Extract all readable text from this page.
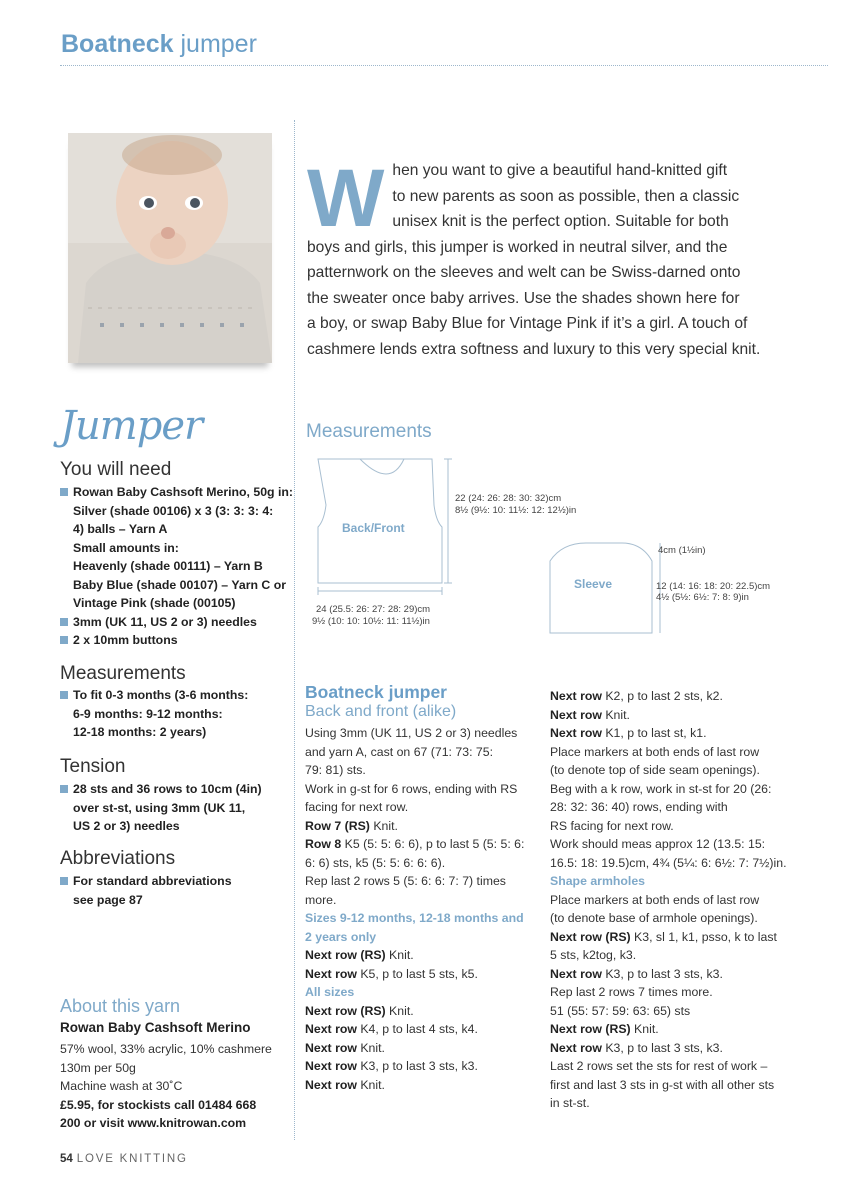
Boatneck jumper
W hen you want to give a beautiful hand-knitted gift
to new parents as soon as possible, then a classic
unisex knit is the perfect option. Suitable for both
boys and girls, this jumper is worked in neutral silver, and the
patternwork on the sleeves and welt can be Swiss-darned onto
the sweater once baby arrives. Use the shades shown here for
a boy, or swap Baby Blue for Vintage Pink if it’s a girl. A touch of
cashmere lends extra softness and luxury to this very special knit.
Jumper
You will need
Rowan Baby Cashsoft Merino, 50g in:
Silver (shade 00106) x 3 (3: 3: 3: 4:
4) balls – Yarn A
Small amounts in:
Heavenly (shade 00111) – Yarn B
Baby Blue (shade 00107) – Yarn C or
Vintage Pink (shade (00105)
3mm (UK 11, US 2 or 3) needles
2 x 10mm buttons
Measurements
To fit 0-3 months (3-6 months:
6-9 months: 9-12 months:
12-18 months: 2 years)
Tension
28 sts and 36 rows to 10cm (4in)
over st-st, using 3mm (UK 11,
US 2 or 3) needles
Abbreviations
For standard abbreviations
see page 87
About this yarn
Rowan Baby Cashsoft Merino
57% wool, 33% acrylic, 10% cashmere
130m per 50g
Machine wash at 30˚C
£5.95, for stockists call 01484 668
200 or visit www.knitrowan.com
54 LOVE KNITTING
Measurements
Back/Front
22 (24: 26: 28: 30: 32)cm
8½ (9½: 10: 11½: 12: 12½)in
24 (25.5: 26: 27: 28: 29)cm
9½ (10: 10: 10½: 11: 11½)in
Sleeve
4cm (1½in)
12 (14: 16: 18: 20: 22.5)cm
4½ (5½: 6½: 7: 8: 9)in
Boatneck jumper
Back and front (alike)
Using 3mm (UK 11, US 2 or 3) needles
and yarn A, cast on 67 (71: 73: 75:
79: 81) sts.
Work in g-st for 6 rows, ending with RS
facing for next row.
Row 7 (RS) Knit.
Row 8 K5 (5: 5: 6: 6), p to last 5 (5: 5: 6:
6: 6) sts, k5 (5: 5: 6: 6: 6).
Rep last 2 rows 5 (5: 6: 6: 7: 7) times
more.
Sizes 9-12 months, 12-18 months and
2 years only
Next row (RS) Knit.
Next row K5, p to last 5 sts, k5.
All sizes
Next row (RS) Knit.
Next row K4, p to last 4 sts, k4.
Next row Knit.
Next row K3, p to last 3 sts, k3.
Next row Knit.
Next row K2, p to last 2 sts, k2.
Next row Knit.
Next row K1, p to last st, k1.
Place markers at both ends of last row
(to denote top of side seam openings).
Beg with a k row, work in st-st for 20 (26:
28: 32: 36: 40) rows, ending with
RS facing for next row.
Work should meas approx 12 (13.5: 15:
16.5: 18: 19.5)cm, 4¾ (5¼: 6: 6½: 7: 7½)in.
Shape armholes
Place markers at both ends of last row
(to denote base of armhole openings).
Next row (RS) K3, sl 1, k1, psso, k to last
5 sts, k2tog, k3.
Next row K3, p to last 3 sts, k3.
Rep last 2 rows 7 times more.
51 (55: 57: 59: 63: 65) sts
Next row (RS) Knit.
Next row K3, p to last 3 sts, k3.
Last 2 rows set the sts for rest of work –
first and last 3 sts in g-st with all other sts
in st-st.
